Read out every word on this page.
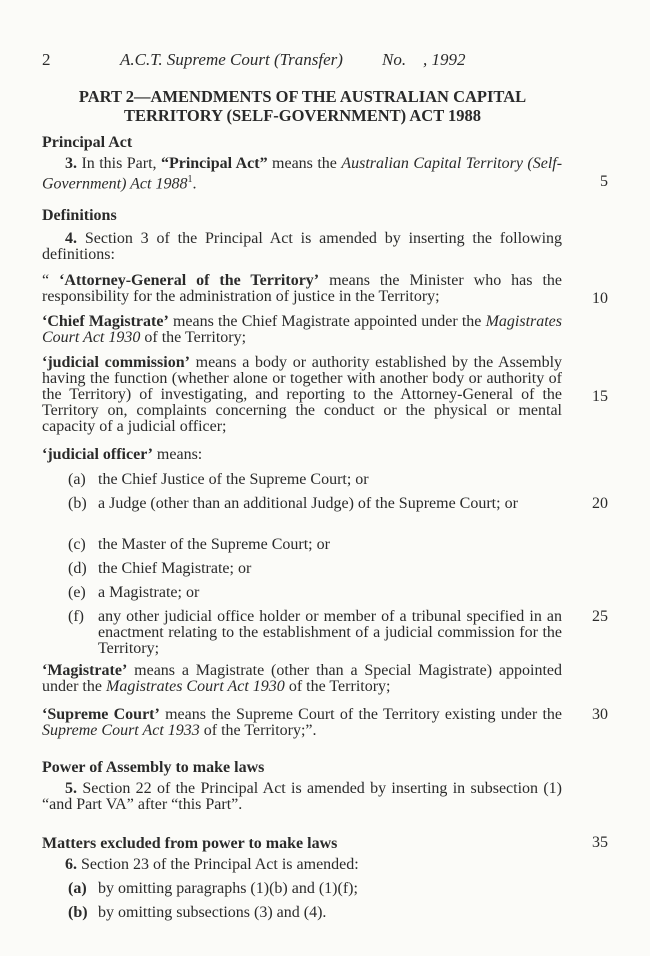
2	A.C.T. Supreme Court (Transfer) No. , 1992
PART 2—AMENDMENTS OF THE AUSTRALIAN CAPITAL
TERRITORY (SELF-GOVERNMENT) ACT 1988
Principal Act
3. In this Part, “Principal Act” means the Australian Capital Territory (Self-Government) Act 1988$^1$.
Definitions
4. Section 3 of the Principal Act is amended by inserting the following definitions:
“ ‘Attorney-General of the Territory’ means the Minister who has the responsibility for the administration of justice in the Territory;
‘Chief Magistrate’ means the Chief Magistrate appointed under the Magistrates Court Act 1930 of the Territory;
‘judicial commission’ means a body or authority established by the Assembly having the function (whether alone or together with another body or authority of the Territory) of investigating, and reporting to the Attorney-General of the Territory on, complaints concerning the conduct or the physical or mental capacity of a judicial officer;
‘judicial officer’ means:
(a) the Chief Justice of the Supreme Court; or
(b) a Judge (other than an additional Judge) of the Supreme Court; or
(c) the Master of the Supreme Court; or
(d) the Chief Magistrate; or
(e) a Magistrate; or
(f) any other judicial office holder or member of a tribunal specified in an enactment relating to the establishment of a judicial commission for the Territory;
‘Magistrate’ means a Magistrate (other than a Special Magistrate) appointed under the Magistrates Court Act 1930 of the Territory;
‘Supreme Court’ means the Supreme Court of the Territory existing under the Supreme Court Act 1933 of the Territory;”.
Power of Assembly to make laws
5. Section 22 of the Principal Act is amended by inserting in subsection (1) “and Part VA” after “this Part”.
Matters excluded from power to make laws
6. Section 23 of the Principal Act is amended:
(a) by omitting paragraphs (1)(b) and (1)(f);
(b) by omitting subsections (3) and (4).
5
10
15
20
25
30
35
